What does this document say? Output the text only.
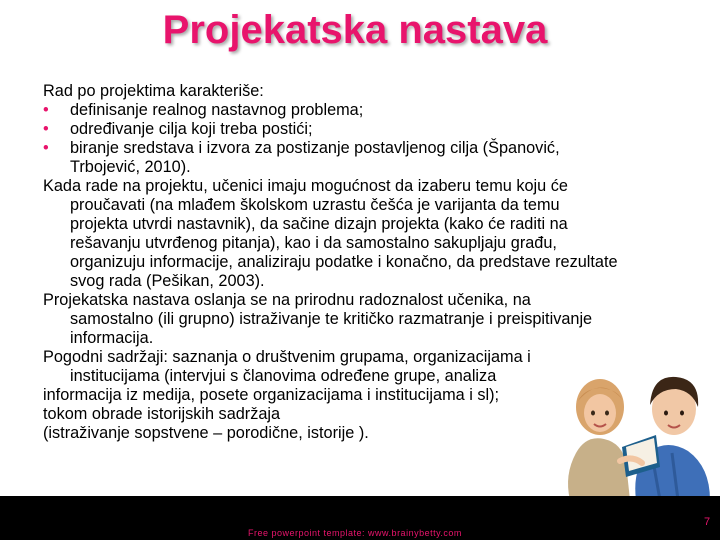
Projekatska nastava
Rad po projektima karakteriše:
• definisanje realnog nastavnog problema;
• određivanje cilja koji treba postići;
• biranje sredstava i izvora za postizanje postavljenog cilja (Španović,
Trbojević, 2010).
Kada rade na projektu, učenici imaju mogućnost da izaberu temu koju će
proučavati (na mlađem školskom uzrastu češća je varijanta da temu
projekta utvrdi nastavnik), da sačine dizajn projekta (kako će raditi na
rešavanju utvrđenog pitanja), kao i da samostalno sakupljaju građu,
organizuju informacije, analiziraju podatke i konačno, da predstave rezultate
svog rada (Pešikan, 2003).
Projekatska nastava oslanja se na prirodnu radoznalost učenika, na
samostalno (ili grupno) istraživanje te kritičko razmatranje i preispitivanje
informacija.
Pogodni sadržaji: saznanja o društvenim grupama, organizacijama i
institucijama (intervjui s članovima određene grupe, analiza
informacija iz medija, posete organizacijama i institucijama i sl);
tokom obrade istorijskih sadržaja
(istraživanje sopstvene – porodične, istorije ).
Free powerpoint template: www.brainybetty.com
7
